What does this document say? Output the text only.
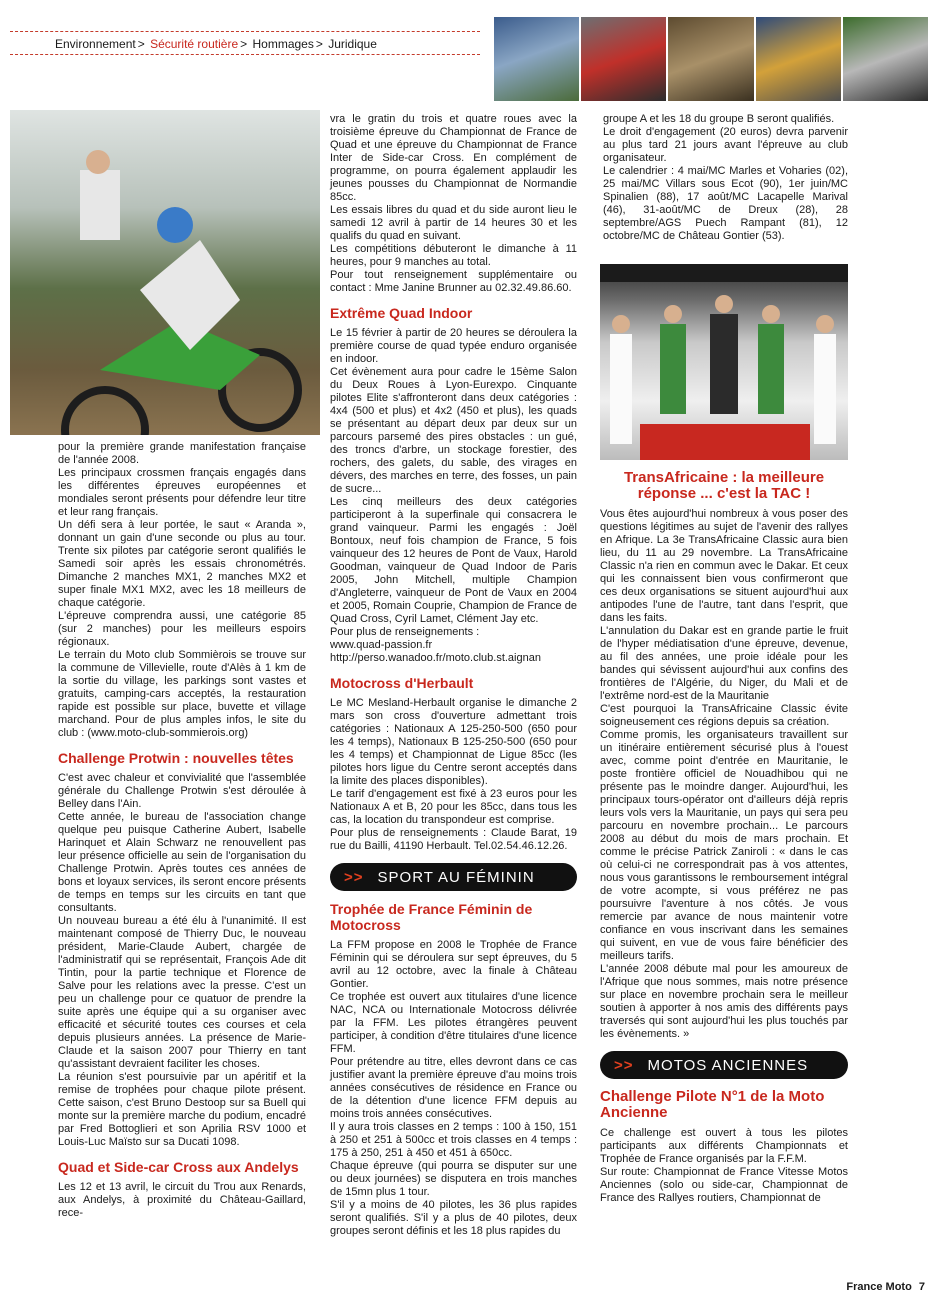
Environnement > Sécurité routière > Hommages > Juridique

pour la première grande manifestation française de l'année 2008.

Les principaux crossmen français engagés dans les différentes épreuves européennes et mondiales seront présents pour défendre leur titre et leur rang français.

Un défi sera à leur portée, le saut « Aranda », donnant un gain d'une seconde ou plus au tour. Trente six pilotes par catégorie seront qualifiés le Samedi soir après les essais chronométrés. Dimanche 2 manches MX1, 2 manches MX2 et super finale MX1 MX2, avec les 18 meilleurs de chaque catégorie.

L'épreuve comprendra aussi, une catégorie 85 (sur 2 manches) pour les meilleurs espoirs régionaux.

Le terrain du Moto club Sommièrois se trouve sur la commune de Villevielle, route d'Alès à 1 km de la sortie du village, les parkings sont vastes et gratuits, camping-cars acceptés, la restauration rapide est possible sur place, buvette et village marchand. Pour de plus amples infos, le site du club : (www.moto-club-sommierois.org)

Challenge Protwin : nouvelles têtes

C'est avec chaleur et convivialité que l'assemblée générale du Challenge Protwin s'est déroulée à Belley dans l'Ain.

Cette année, le bureau de l'association change quelque peu puisque Catherine Aubert, Isabelle Harinquet et Alain Schwarz ne renouvellent pas leur présence officielle au sein de l'organisation du Challenge Protwin. Après toutes ces années de bons et loyaux services, ils seront encore présents de temps en temps sur les circuits en tant que consultants.

Un nouveau bureau a été élu à l'unanimité. Il est maintenant composé de Thierry Duc, le nouveau président, Marie-Claude Aubert, chargée de l'administratif qui se représentait, François Ade dit Tintin, pour la partie technique et Florence de Salve pour les relations avec la presse. C'est un peu un challenge pour ce quatuor de prendre la suite après une équipe qui a su organiser avec efficacité et sécurité toutes ces courses et cela depuis plusieurs années. La présence de Marie-Claude et la saison 2007 pour Thierry en tant qu'assistant devraient faciliter les choses.

La réunion s'est poursuivie par un apéritif et la remise de trophées pour chaque pilote présent. Cette saison, c'est Bruno Destoop sur sa Buell qui monte sur la première marche du podium, encadré par Fred Bottoglieri et son Aprilia RSV 1000 et Louis-Luc Maïsto sur sa Ducati 1098.

Quad et Side-car Cross aux Andelys

Les 12 et 13 avril, le circuit du Trou aux Renards, aux Andelys, à proximité du Château-Gaillard, rece-

vra le gratin du trois et quatre roues avec la troisième épreuve du Championnat de France de Quad et une épreuve du Championnat de France Inter de Side-car Cross. En complément de programme, on pourra également applaudir les jeunes pousses du Championnat de Normandie 85cc.

Les essais libres du quad et du side auront lieu le samedi 12 avril à partir de 14 heures 30 et les qualifs du quad en suivant.

Les compétitions débuteront le dimanche à 11 heures, pour 9 manches au total.

Pour tout renseignement supplémentaire ou contact : Mme Janine Brunner au 02.32.49.86.60.

Extrême Quad Indoor

Le 15 février à partir de 20 heures se déroulera la première course de quad typée enduro organisée en indoor.

Cet évènement aura pour cadre le 15ème Salon du Deux Roues à Lyon-Eurexpo. Cinquante pilotes Elite s'affronteront dans deux catégories : 4x4 (500 et plus) et 4x2 (450 et plus), les quads se présentant au départ deux par deux sur un parcours parsemé des pires obstacles : un gué, des troncs d'arbre, un stockage forestier, des rochers, des galets, du sable, des virages en dévers, des marches en terre, des fosses, un pain de sucre...

Les cinq meilleurs des deux catégories participeront à la superfinale qui consacrera le grand vainqueur. Parmi les engagés : Joël Bontoux, neuf fois champion de France, 5 fois vainqueur des 12 heures de Pont de Vaux, Harold Goodman, vainqueur de Quad Indoor de Paris 2005, John Mitchell, multiple Champion d'Angleterre, vainqueur de Pont de Vaux en 2004 et 2005, Romain Couprie, Champion de France de Quad Cross, Cyril Lamet, Clément Jay etc.

Pour plus de renseignements :

www.quad-passion.fr

http://perso.wanadoo.fr/moto.club.st.aignan

Motocross d'Herbault

Le MC Mesland-Herbault organise le dimanche 2 mars son cross d'ouverture admettant trois catégories : Nationaux A 125-250-500 (650 pour les 4 temps), Nationaux B 125-250-500 (650 pour les 4 temps) et Championnat de Ligue 85cc (les pilotes hors ligue du Centre seront acceptés dans la limite des places disponibles).

Le tarif d'engagement est fixé à 23 euros pour les Nationaux A et B, 20 pour les 85cc, dans tous les cas, la location du transpondeur est comprise.

Pour plus de renseignements : Claude Barat, 19 rue du Bailli, 41190 Herbault. Tel.02.54.46.12.26.

>> SPORT AU FÉMININ
Trophée de France Féminin de Motocross

La FFM propose en 2008 le Trophée de France Féminin qui se déroulera sur sept épreuves, du 5 avril au 12 octobre, avec la finale à Château Gontier.

Ce trophée est ouvert aux titulaires d'une licence NAC, NCA ou Internationale Motocross délivrée par la FFM. Les pilotes étrangères peuvent participer, à condition d'être titulaires d'une licence FFM.

Pour prétendre au titre, elles devront dans ce cas justifier avant la première épreuve d'au moins trois années consécutives de résidence en France ou de la détention d'une licence FFM depuis au moins trois années consécutives.

Il y aura trois classes en 2 temps : 100 à 150, 151 à 250 et 251 à 500cc et trois classes en 4 temps : 175 à 250, 251 à 450 et 451 à 650cc.

Chaque épreuve (qui pourra se disputer sur une ou deux journées) se disputera en trois manches de 15mn plus 1 tour.

S'il y a moins de 40 pilotes, les 36 plus rapides seront qualifiés. S'il y a plus de 40 pilotes, deux groupes seront définis et les 18 plus rapides du

groupe A et les 18 du groupe B seront qualifiés.

Le droit d'engagement (20 euros) devra parvenir au plus tard 21 jours avant l'épreuve au club organisateur.

Le calendrier : 4 mai/MC Marles et Voharies (02), 25 mai/MC Villars sous Ecot (90), 1er juin/MC Spinalien (88), 17 août/MC Lacapelle Marival (46), 31-août/MC de Dreux (28), 28 septembre/AGS Puech Rampant (81), 12 octobre/MC de Château Gontier (53).

TransAfricaine : la meilleure réponse ... c'est la TAC !

Vous êtes aujourd'hui nombreux à vous poser des questions légitimes au sujet de l'avenir des rallyes en Afrique. La 3e TransAfricaine Classic aura bien lieu, du 11 au 29 novembre. La TransAfricaine Classic n'a rien en commun avec le Dakar. Et ceux qui les connaissent bien vous confirmeront que ces deux organisations se situent aujourd'hui aux antipodes l'une de l'autre, tant dans l'esprit, que dans les faits.

L'annulation du Dakar est en grande partie le fruit de l'hyper médiatisation d'une épreuve, devenue, au fil des années, une proie idéale pour les bandes qui sévissent aujourd'hui aux confins des frontières de l'Algérie, du Niger, du Mali et de l'extrême nord-est de la Mauritanie

C'est pourquoi la TransAfricaine Classic évite soigneusement ces régions depuis sa création.

Comme promis, les organisateurs travaillent sur un itinéraire entièrement sécurisé plus à l'ouest avec, comme point d'entrée en Mauritanie, le poste frontière officiel de Nouadhibou qui ne présente pas le moindre danger. Aujourd'hui, les principaux tours-opérator ont d'ailleurs déjà repris leurs vols vers la Mauritanie, un pays qui sera peu parcouru en novembre prochain... Le parcours 2008 au début du mois de mars prochain. Et comme le précise Patrick Zaniroli : « dans le cas où celui-ci ne correspondrait pas à vos attentes, nous vous garantissons le remboursement intégral de votre acompte, si vous préférez ne pas poursuivre l'aventure à nos côtés. Je vous remercie par avance de nous maintenir votre confiance en vous inscrivant dans les semaines qui suivent, en vue de vous faire bénéficier des meilleurs tarifs.

L'année 2008 débute mal pour les amoureux de l'Afrique que nous sommes, mais notre présence sur place en novembre prochain sera le meilleur soutien à apporter à nos amis des différents pays traversés qui sont aujourd'hui les plus touchés par les évènements. »

>> MOTOS ANCIENNES
Challenge Pilote N°1 de la Moto Ancienne

Ce challenge est ouvert à tous les pilotes participants aux différents Championnats et Trophée de France organisés par la F.F.M.

Sur route: Championnat de France Vitesse Motos Anciennes (solo ou side-car, Championnat de France des Rallyes routiers, Championnat de

France Moto 7
